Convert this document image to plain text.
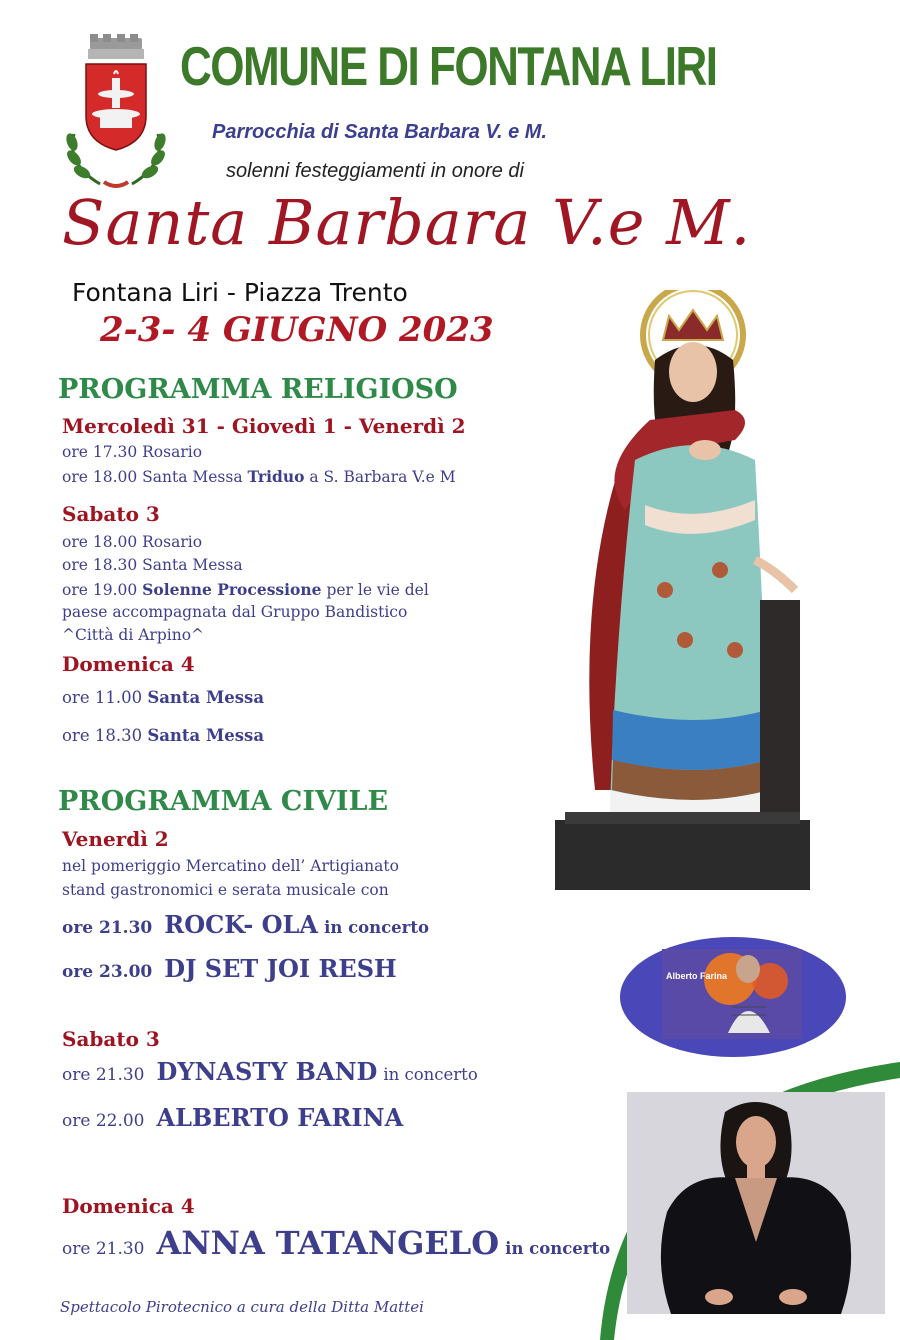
COMUNE DI FONTANA LIRI
Parrocchia di Santa Barbara V. e M.
solenni festeggiamenti in onore di
Santa Barbara V.e M.
Fontana Liri - Piazza Trento
2-3- 4 GIUGNO 2023
PROGRAMMA RELIGIOSO
Mercoledì 31 - Giovedì 1 - Venerdì 2
ore 17.30 Rosario
ore 18.00 Santa Messa Triduo a S. Barbara V.e M
Sabato 3
ore 18.00 Rosario
ore 18.30 Santa Messa
ore 19.00 Solenne Processione per le vie del
paese accompagnata dal Gruppo Bandistico
^Città di Arpino^
Domenica 4
ore 11.00 Santa Messa
ore 18.30 Santa Messa
PROGRAMMA CIVILE
Venerdì 2
nel pomeriggio Mercatino dell’ Artigianato
stand gastronomici e serata musicale con
ore 21.30 ROCK- OLA in concerto
ore 23.00 DJ SET JOI RESH
Sabato 3
ore 21.30 DYNASTY BAND in concerto
ore 22.00 ALBERTO FARINA
Domenica 4
ore 21.30 ANNA TATANGELO in concerto
Spettacolo Pirotecnico a cura della Ditta Mattei
Alberto Farina
